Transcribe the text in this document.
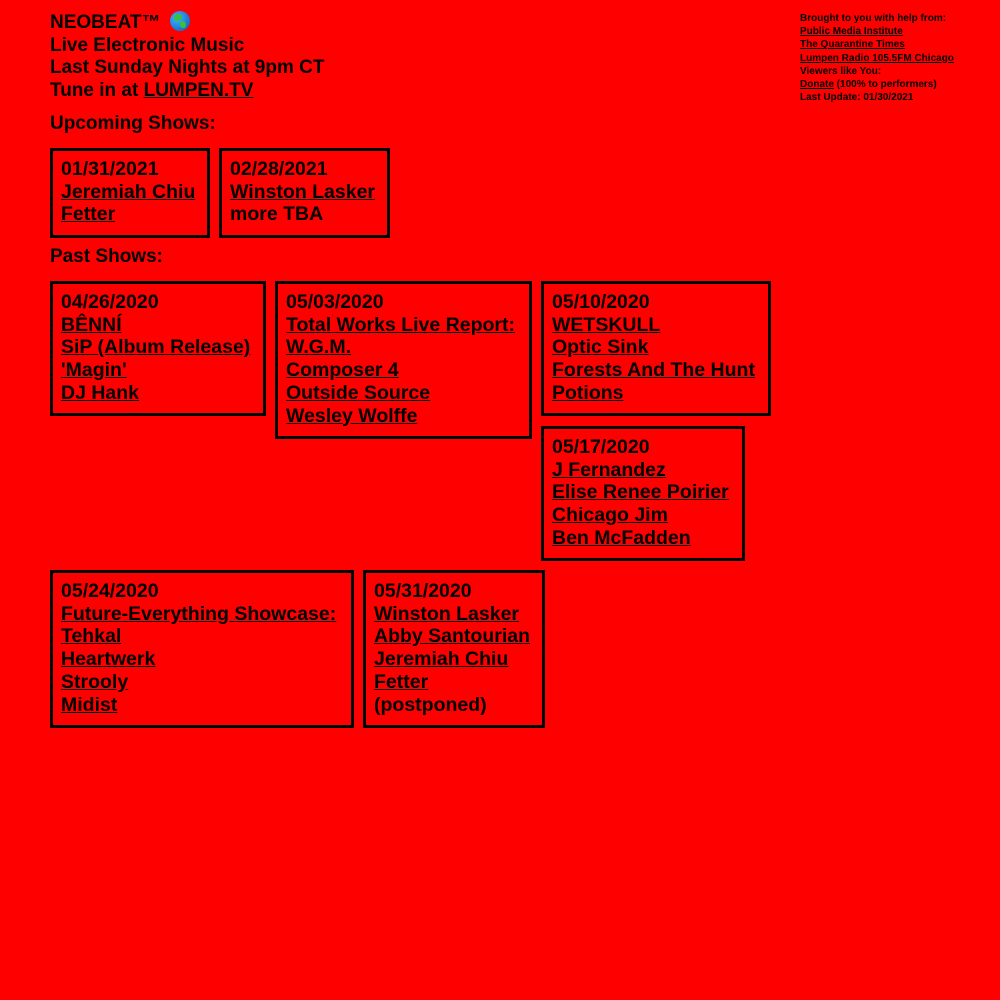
NEOBEAT™
Live Electronic Music
Last Sunday Nights at 9pm CT
Tune in at LUMPEN.TV
Brought to you with help from:
Public Media Institute
The Quarantine Times
Lumpen Radio 105.5FM Chicago
Viewers like You:
Donate (100% to performers)
Last Update: 01/30/2021
Upcoming Shows:
01/31/2021
Jeremiah Chiu
Fetter
02/28/2021
Winston Lasker
more TBA
Past Shows:
04/26/2020
BÊNNÍ
SiP (Album Release)
'Magin'
DJ Hank
05/03/2020
Total Works Live Report:
W.G.M.
Composer 4
Outside Source
Wesley Wolffe
05/10/2020
WETSKULL
Optic Sink
Forests And The Hunt
Potions
05/17/2020
J Fernandez
Elise Renee Poirier
Chicago Jim
Ben McFadden
05/24/2020
Future-Everything Showcase:
Tehkal
Heartwerk
Strooly
Midist
05/31/2020
Winston Lasker
Abby Santourian
Jeremiah Chiu
Fetter
(postponed)
